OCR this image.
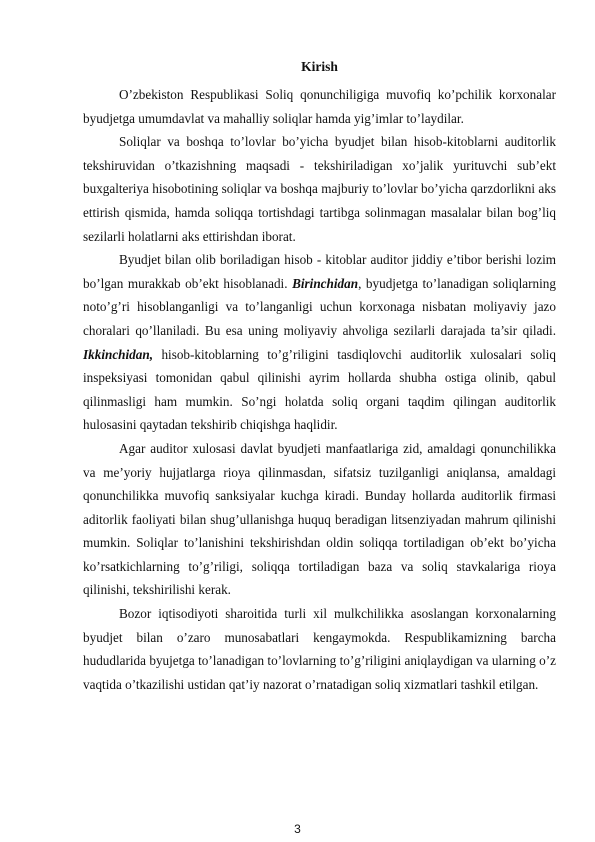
Kirish

O’zbekiston Respublikasi Soliq qonunchiligiga muvofiq ko’pchilik korxonalar byudjetga umumdavlat va mahalliy soliqlar hamda yig’imlar to’laydilar.

Soliqlar va boshqa to’lovlar bo’yicha byudjet bilan hisob-kitoblarni auditorlik tekshiruvidan o’tkazishning maqsadi - tekshiriladigan xo’jalik yurituvchi sub’ekt buxgalteriya hisobotining soliqlar va boshqa majburiy to’lovlar bo’yicha qarzdorlikni aks ettirish qismida, hamda soliqqa tortishdagi tartibga solinmagan masalalar bilan bog’liq sezilarli holatlarni aks ettirishdan iborat.

Byudjet bilan olib boriladigan hisob - kitoblar auditor jiddiy e’tibor berishi lozim bo’lgan murakkab ob’ekt hisoblanadi. Birinchidan, byudjetga to’lanadigan soliqlarning noto’g’ri hisoblanganligi va to’langanligi uchun korxonaga nisbatan moliyaviy jazo choralari qo’llaniladi. Bu esa uning moliyaviy ahvoliga sezilarli darajada ta’sir qiladi. Ikkinchidan, hisob-kitoblarning to’g’riligini tasdiqlovchi auditorlik xulosalari soliq inspeksiyasi tomonidan qabul qilinishi ayrim hollarda shubha ostiga olinib, qabul qilinmasligi ham mumkin. So’ngi holatda soliq organi taqdim qilingan auditorlik hulosasini qaytadan tekshirib chiqishga haqlidir.

Agar auditor xulosasi davlat byudjeti manfaatlariga zid, amaldagi qonunchilikka va me’yoriy hujjatlarga rioya qilinmasdan, sifatsiz tuzilganligi aniqlansa, amaldagi qonunchilikka muvofiq sanksiyalar kuchga kiradi. Bunday hollarda auditorlik firmasi aditorlik faoliyati bilan shug’ullanishga huquq beradigan litsenziyadan mahrum qilinishi mumkin. Soliqlar to’lanishini tekshirishdan oldin soliqqa tortiladigan ob’ekt bo’yicha ko’rsatkichlarning to’g’riligi, soliqqa tortiladigan baza va soliq stavkalariga rioya qilinishi, tekshirilishi kerak.

Bozor iqtisodiyoti sharoitida turli xil mulkchilikka asoslangan korxonalarning byudjet bilan o’zaro munosabatlari kengaymokda. Respublikamizning barcha hududlarida byujetga to’lanadigan to’lovlarning to’g’riligini aniqlaydigan va ularning o’z vaqtida o’tkazilishi ustidan qat’iy nazorat o’rnatadigan soliq xizmatlari tashkil etilgan.

3
